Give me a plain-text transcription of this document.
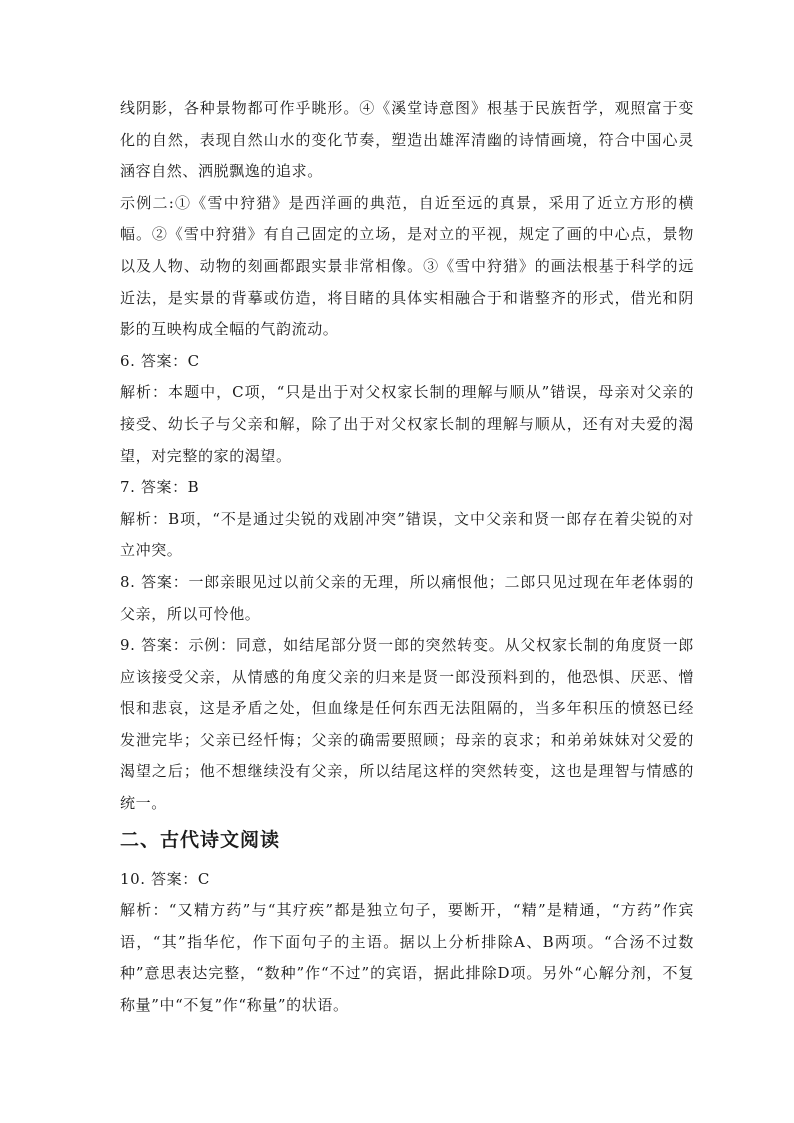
线阴影，各种景物都可作乎眺形。④《溪堂诗意图》根基于民族哲学，观照富于变化的自然，表现自然山水的变化节奏，塑造出雄浑清幽的诗情画境，符合中国心灵涵容自然、洒脱飘逸的追求。

示例二:①《雪中狩猎》是西洋画的典范，自近至远的真景，采用了近立方形的横幅。②《雪中狩猎》有自己固定的立场，是对立的平视，规定了画的中心点，景物以及人物、动物的刻画都跟实景非常相像。③《雪中狩猎》的画法根基于科学的远近法，是实景的背摹或仿造，将目睹的具体实相融合于和谐整齐的形式，借光和阴影的互映构成全幅的气韵流动。

6. 答案：C

解析：本题中，C项，“只是出于对父权家长制的理解与顺从”错误，母亲对父亲的接受、幼长子与父亲和解，除了出于对父权家长制的理解与顺从，还有对夫爱的渴望，对完整的家的渴望。

7. 答案：B

解析：B项，“不是通过尖锐的戏剧冲突”错误，文中父亲和贤一郎存在着尖锐的对立冲突。

8. 答案：一郎亲眼见过以前父亲的无理，所以痛恨他；二郎只见过现在年老体弱的父亲，所以可怜他。

9. 答案：示例：同意，如结尾部分贤一郎的突然转变。从父权家长制的角度贤一郎应该接受父亲，从情感的角度父亲的归来是贤一郎没预料到的，他恐惧、厌恶、憎恨和悲哀，这是矛盾之处，但血缘是任何东西无法阻隔的，当多年积压的愤怒已经发泄完毕；父亲已经忏悔；父亲的确需要照顾；母亲的哀求；和弟弟妹妹对父爱的渴望之后；他不想继续没有父亲，所以结尾这样的突然转变，这也是理智与情感的统一。

二、古代诗文阅读

10. 答案：C

解析：“又精方药”与“其疗疾”都是独立句子，要断开，“精”是精通，“方药”作宾语，“其”指华佗，作下面句子的主语。据以上分析排除A、B两项。“合汤不过数种”意思表达完整，“数种”作“不过”的宾语，据此排除D项。另外“心解分剂，不复称量”中“不复”作“称量”的状语。
